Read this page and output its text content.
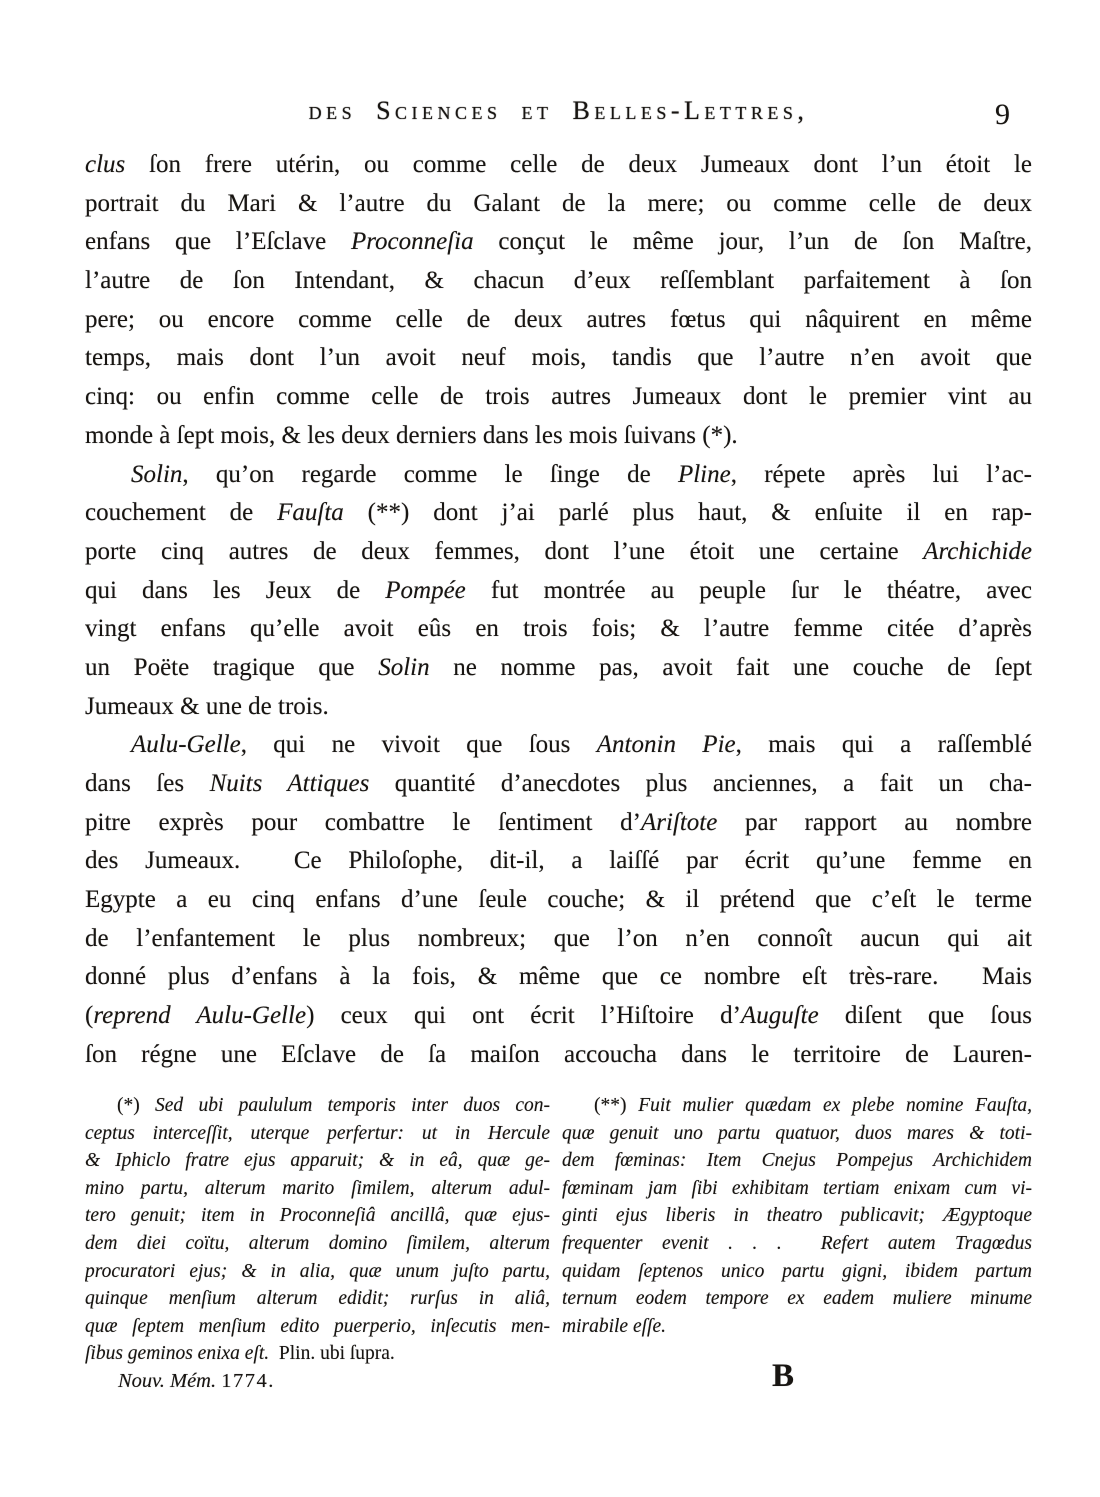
des Sciences et Belles-Lettres,	9
clus ſon frere utérin, ou comme celle de deux Jumeaux dont l’un étoit le
portrait du Mari & l’autre du Galant de la mere; ou comme celle de deux
enfans que l’Eſclave Proconneſia conçut le même jour, l’un de ſon Maſtre,
l’autre de ſon Intendant, & chacun d’eux reſſemblant parfaitement à ſon
pere; ou encore comme celle de deux autres fœtus qui nâquirent en même
temps, mais dont l’un avoit neuf mois, tandis que l’autre n’en avoit que
cinq: ou enfin comme celle de trois autres Jumeaux dont le premier vint au
monde à ſept mois, & les deux derniers dans les mois ſuivans (*).
Solin, qu’on regarde comme le ſinge de Pline, répete après lui l’ac-
couchement de Fauſta (**) dont j’ai parlé plus haut, & enſuite il en rap-
porte cinq autres de deux femmes, dont l’une étoit une certaine Archichide
qui dans les Jeux de Pompée fut montrée au peuple ſur le théatre, avec
vingt enfans qu’elle avoit eûs en trois fois; & l’autre femme citée d’après
un Poëte tragique que Solin ne nomme pas, avoit fait une couche de ſept
Jumeaux & une de trois.
Aulu-Gelle, qui ne vivoit que ſous Antonin Pie, mais qui a raſſemblé
dans ſes Nuits Attiques quantité d’anecdotes plus anciennes, a fait un cha-
pitre exprès pour combattre le ſentiment d’Ariſtote par rapport au nombre
des Jumeaux.  Ce Philoſophe, dit-il, a laiſſé par écrit qu’une femme en
Egypte a eu cinq enfans d’une ſeule couche; & il prétend que c’eſt le terme
de l’enfantement le plus nombreux; que l’on n’en connoît aucun qui ait
donné plus d’enfans à la fois, & même que ce nombre eſt très-rare.  Mais
(reprend Aulu-Gelle) ceux qui ont écrit l’Hiſtoire d’Auguſte diſent que ſous
ſon régne une Eſclave de ſa maiſon accoucha dans le territoire de Lauren-
(*) Sed ubi paululum temporis inter duos con-
ceptus interceſſit, uterque perfertur: ut in Hercule
& Iphiclo fratre ejus apparuit; & in eâ, quæ ge-
mino partu, alterum marito ſimilem, alterum adul-
tero genuit; item in Proconneſiâ ancillâ, quæ ejus-
dem diei coïtu, alterum domino ſimilem, alterum
procuratori ejus; & in alia, quæ unum juſto partu,
quinque menſium alterum edidit; rurſus in aliâ,
quæ ſeptem menſium edito puerperio, inſecutis men-
ſibus geminos enixa eſt.  Plin. ubi ſupra.
(**) Fuit mulier quædam ex plebe nomine Fauſta,
quæ genuit uno partu quatuor, duos mares & toti-
dem fœminas: Item Cnejus Pompejus Archichidem
fœminam jam ſibi exhibitam tertiam enixam cum vi-
ginti ejus liberis in theatro publicavit; Ægyptoque
frequenter evenit . . .  Refert autem Tragœdus
quidam ſeptenos unico partu gigni, ibidem partum
ternum eodem tempore ex eadem muliere minume
mirabile eſſe.
Nouv. Mém. 1774.	B
